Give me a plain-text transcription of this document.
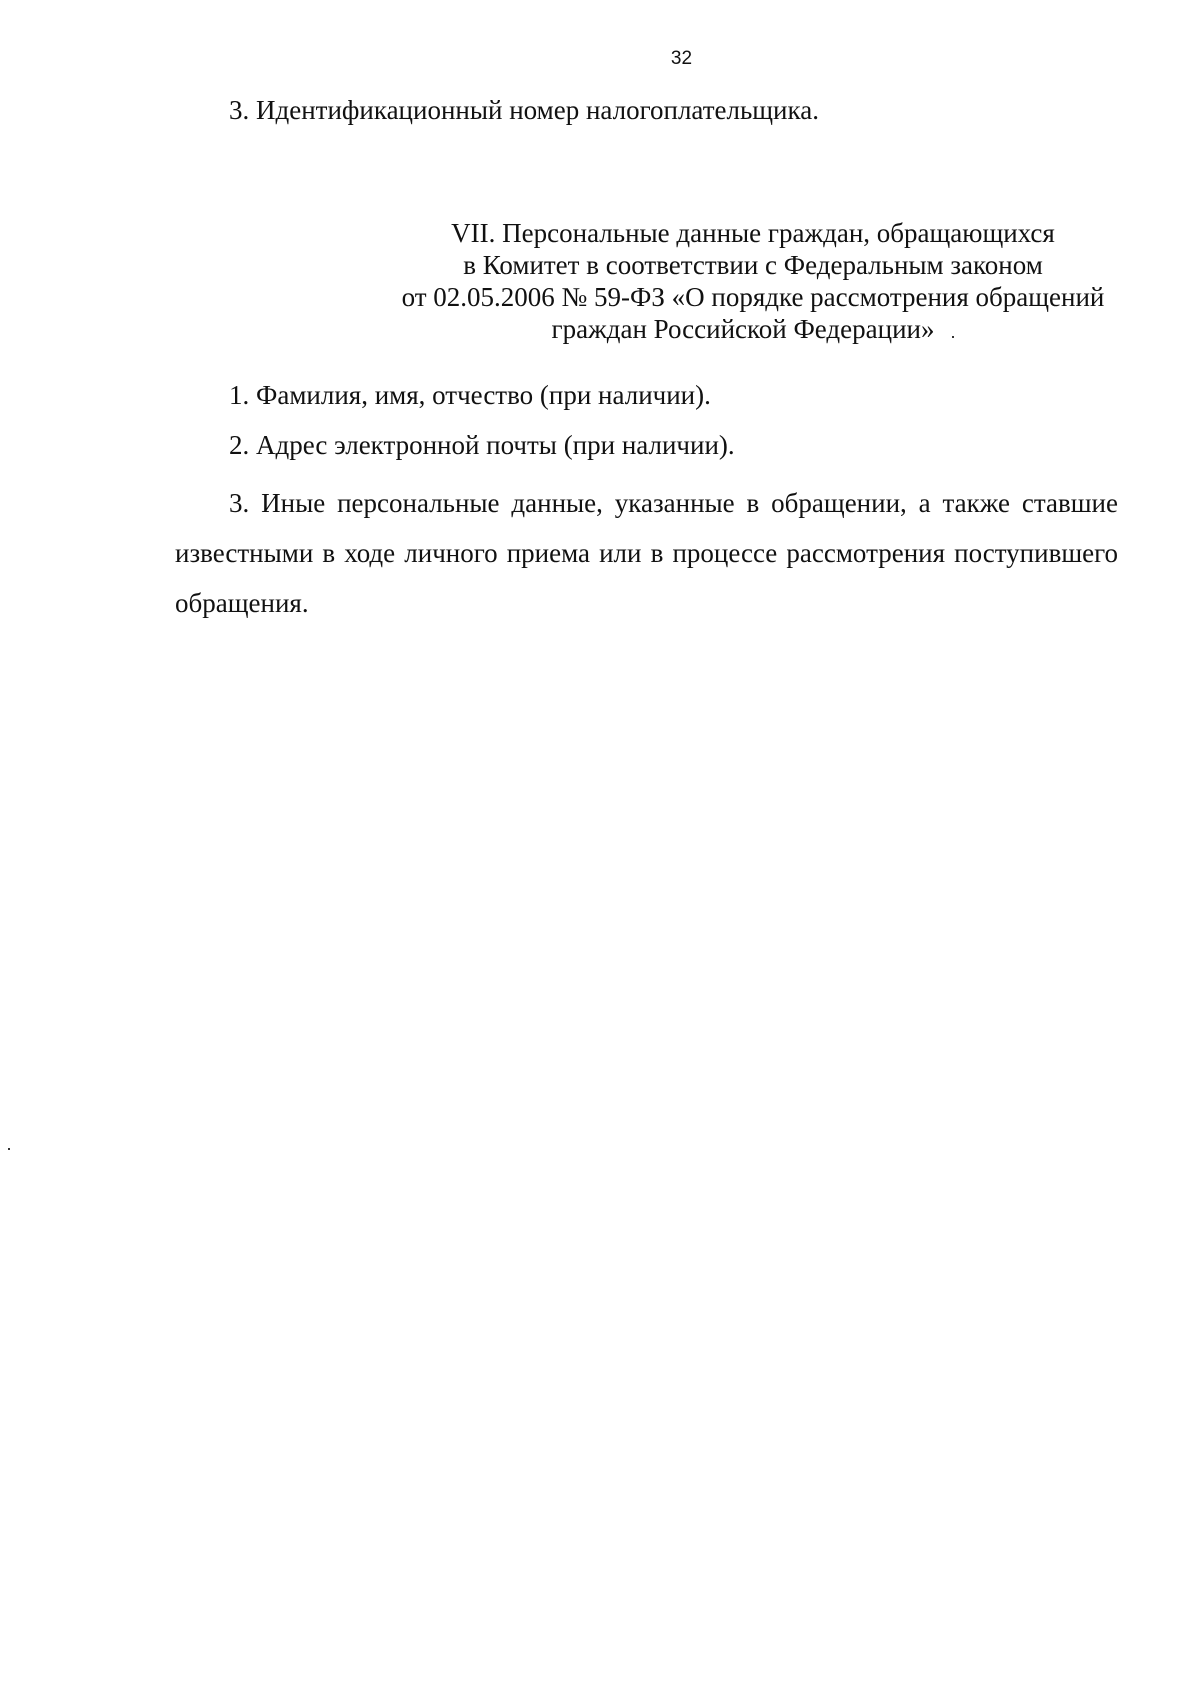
32
3. Идентификационный номер налогоплательщика.
VII. Персональные данные граждан, обращающихся
в Комитет в соответствии с Федеральным законом
от 02.05.2006 № 59-ФЗ «О порядке рассмотрения обращений
граждан Российской Федерации»
1. Фамилия, имя, отчество (при наличии).
2. Адрес электронной почты (при наличии).
3. Иные персональные данные, указанные в обращении, а также ставшие известными в ходе личного приема или в процессе рассмотрения поступившего обращения.
